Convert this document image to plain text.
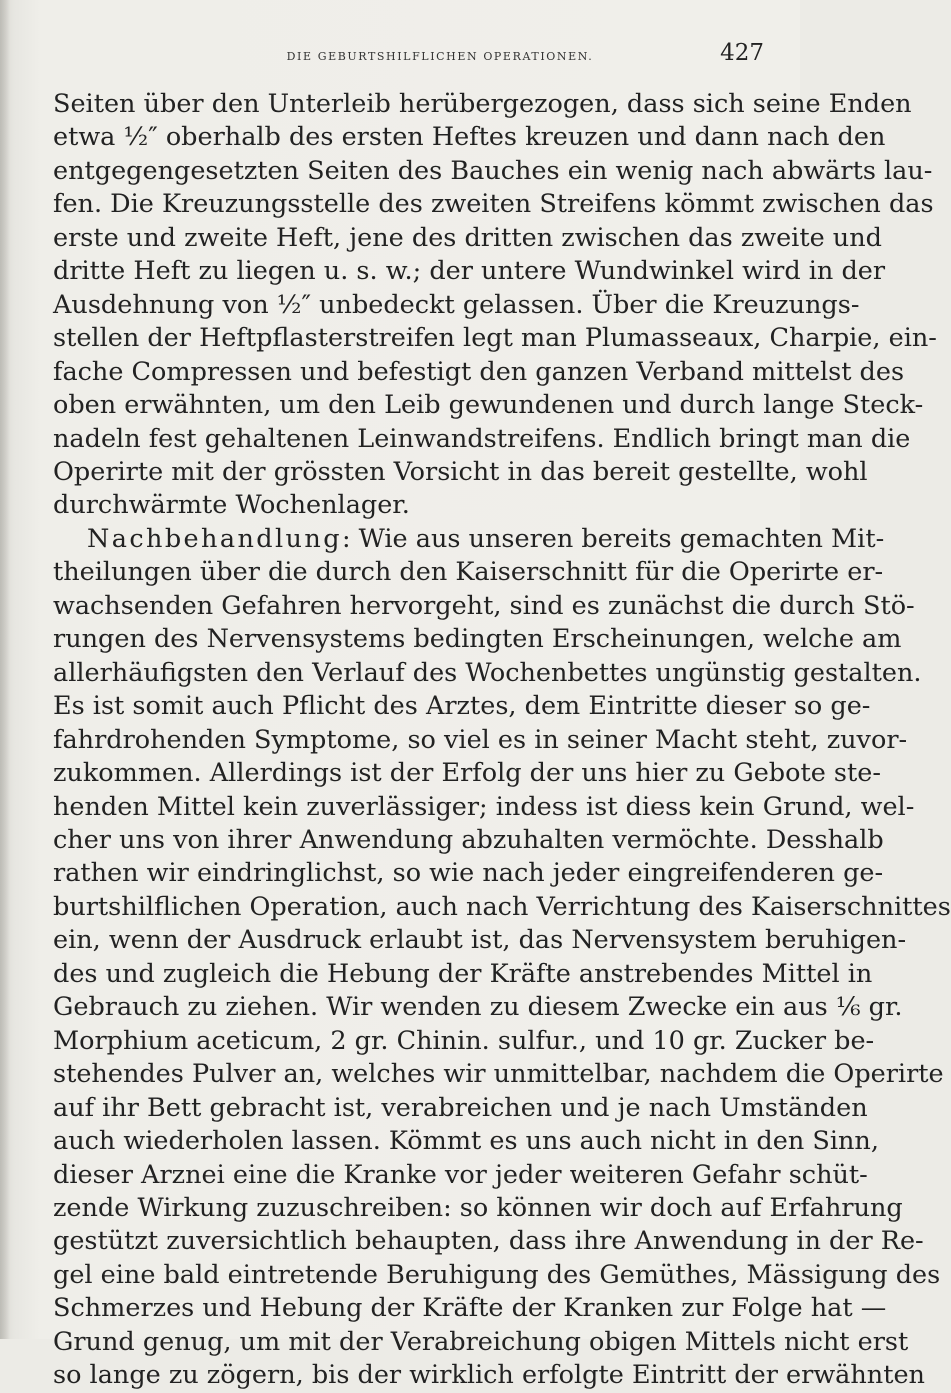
DIE GEBURTSHILFLICHEN OPERATIONEN.	427
Seiten über den Unterleib herübergezogen, dass sich seine Enden
etwa ½″ oberhalb des ersten Heftes kreuzen und dann nach den
entgegengesetzten Seiten des Bauches ein wenig nach abwärts lau-
fen. Die Kreuzungsstelle des zweiten Streifens kömmt zwischen das
erste und zweite Heft, jene des dritten zwischen das zweite und
dritte Heft zu liegen u. s. w.; der untere Wundwinkel wird in der
Ausdehnung von ½″ unbedeckt gelassen. Über die Kreuzungs-
stellen der Heftpflasterstreifen legt man Plumasseaux, Charpie, ein-
fache Compressen und befestigt den ganzen Verband mittelst des
oben erwähnten, um den Leib gewundenen und durch lange Steck-
nadeln fest gehaltenen Leinwandstreifens. Endlich bringt man die
Operirte mit der grössten Vorsicht in das bereit gestellte, wohl
durchwärmte Wochenlager.
Nachbehandlung: Wie aus unseren bereits gemachten Mit-
theilungen über die durch den Kaiserschnitt für die Operirte er-
wachsenden Gefahren hervorgeht, sind es zunächst die durch Stö-
rungen des Nervensystems bedingten Erscheinungen, welche am
allerhäufigsten den Verlauf des Wochenbettes ungünstig gestalten.
Es ist somit auch Pflicht des Arztes, dem Eintritte dieser so ge-
fahrdrohenden Symptome, so viel es in seiner Macht steht, zuvor-
zukommen. Allerdings ist der Erfolg der uns hier zu Gebote ste-
henden Mittel kein zuverlässiger; indess ist diess kein Grund, wel-
cher uns von ihrer Anwendung abzuhalten vermöchte. Desshalb
rathen wir eindringlichst, so wie nach jeder eingreifenderen ge-
burtshilflichen Operation, auch nach Verrichtung des Kaiserschnittes
ein, wenn der Ausdruck erlaubt ist, das Nervensystem beruhigen-
des und zugleich die Hebung der Kräfte anstrebendes Mittel in
Gebrauch zu ziehen. Wir wenden zu diesem Zwecke ein aus ⅙ gr.
Morphium aceticum, 2 gr. Chinin. sulfur., und 10 gr. Zucker be-
stehendes Pulver an, welches wir unmittelbar, nachdem die Operirte
auf ihr Bett gebracht ist, verabreichen und je nach Umständen
auch wiederholen lassen. Kömmt es uns auch nicht in den Sinn,
dieser Arznei eine die Kranke vor jeder weiteren Gefahr schüt-
zende Wirkung zuzuschreiben: so können wir doch auf Erfahrung
gestützt zuversichtlich behaupten, dass ihre Anwendung in der Re-
gel eine bald eintretende Beruhigung des Gemüthes, Mässigung des
Schmerzes und Hebung der Kräfte der Kranken zur Folge hat —
Grund genug, um mit der Verabreichung obigen Mittels nicht erst
so lange zu zögern, bis der wirklich erfolgte Eintritt der erwähnten
